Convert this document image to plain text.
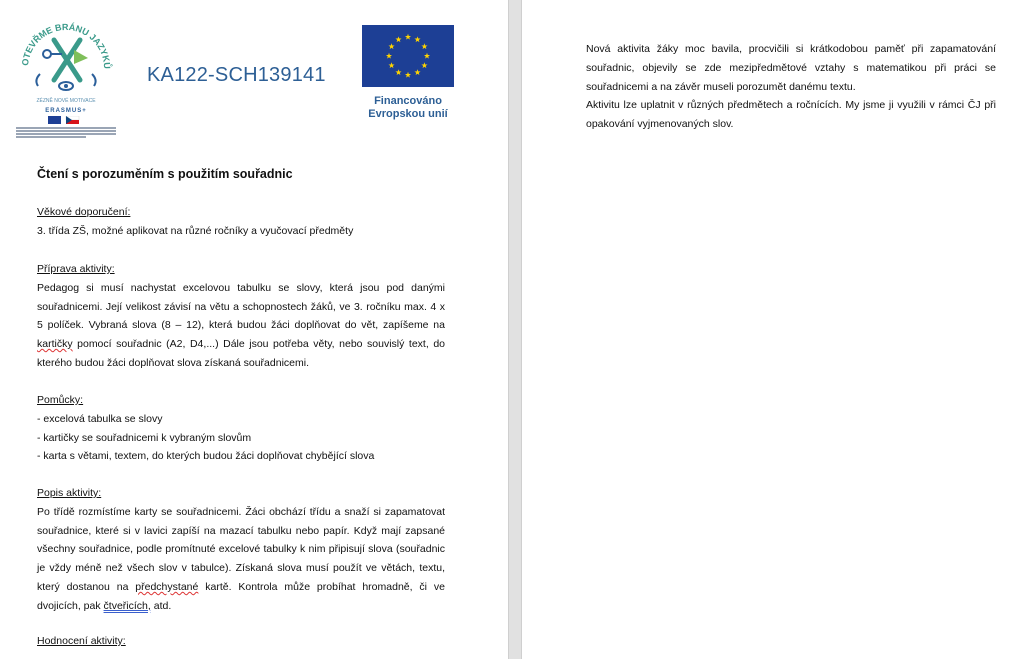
OTEVŘME BRÁNU JAZYKŮ
ZÉZNĚ NOVÉ MOTIVACE
ERASMUS+
KA122-SCH139141
Financováno
Evropskou unií
Čtení s porozuměním s použitím souřadnic
Věkové doporučení:
3. třída ZŠ, možné aplikovat na různé ročníky a vyučovací předměty
Příprava aktivity:
Pedagog si musí nachystat excelovou tabulku se slovy, která jsou pod danými souřadnicemi. Její velikost závisí na větu a schopnostech žáků, ve 3. ročníku max. 4 x 5 políček. Vybraná slova (8 – 12), která budou žáci doplňovat do vět, zapíšeme na kartičky pomocí souřadnic (A2, D4,...) Dále jsou potřeba věty, nebo souvislý text, do kterého budou žáci doplňovat slova získaná souřadnicemi.
Pomůcky:
- excelová tabulka se slovy
- kartičky se souřadnicemi k vybraným slovům
- karta s větami, textem, do kterých budou žáci doplňovat chybějící slova
Popis aktivity:
Po třídě rozmístíme karty se souřadnicemi. Žáci obchází třídu a snaží si zapamatovat souřadnice, které si v lavici zapíší na mazací tabulku nebo papír. Když mají zapsané všechny souřadnice, podle promítnuté excelové tabulky k nim připisují slova (souřadnic je vždy méně než všech slov v tabulce). Získaná slova musí použít ve větách, textu, který dostanou na předchystané kartě. Kontrola může probíhat hromadně, či ve dvojicích, pak čtveřicích, atd.
Hodnocení aktivity:

Nová aktivita žáky moc bavila, procvičili si krátkodobou paměť při zapamatování souřadnic, objevily se zde mezipředmětové vztahy s matematikou při práci se souřadnicemi a na závěr museli porozumět danému textu.

Aktivitu lze uplatnit v různých předmětech a ročnících. My jsme ji využili v rámci ČJ při opakování vyjmenovaných slov.
